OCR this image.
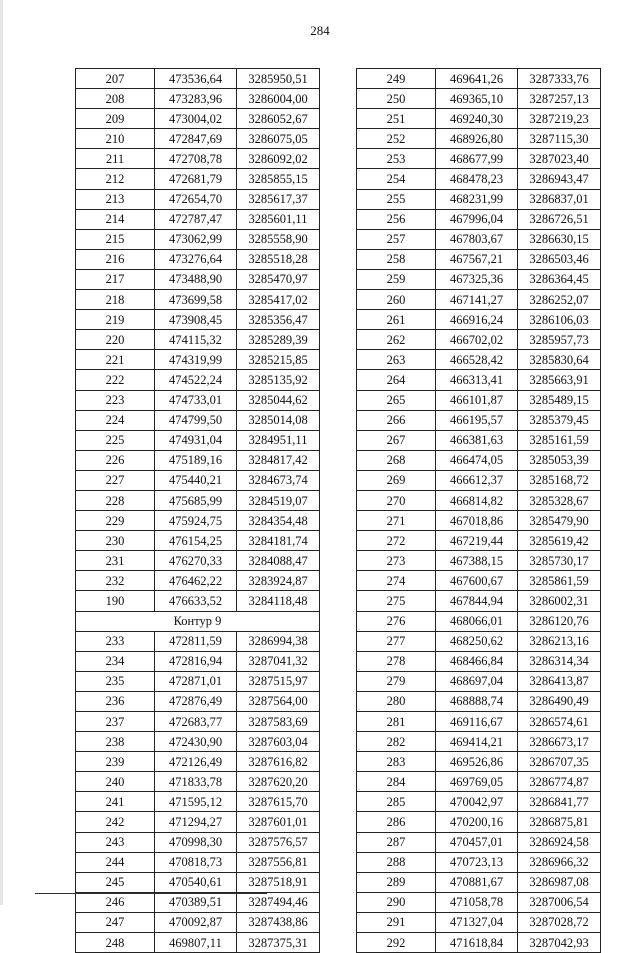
284
207	473536,64	3285950,51
208	473283,96	3286004,00
209	473004,02	3286052,67
210	472847,69	3286075,05
211	472708,78	3286092,02
212	472681,79	3285855,15
213	472654,70	3285617,37
214	472787,47	3285601,11
215	473062,99	3285558,90
216	473276,64	3285518,28
217	473488,90	3285470,97
218	473699,58	3285417,02
219	473908,45	3285356,47
220	474115,32	3285289,39
221	474319,99	3285215,85
222	474522,24	3285135,92
223	474733,01	3285044,62
224	474799,50	3285014,08
225	474931,04	3284951,11
226	475189,16	3284817,42
227	475440,21	3284673,74
228	475685,99	3284519,07
229	475924,75	3284354,48
230	476154,25	3284181,74
231	476270,33	3284088,47
232	476462,22	3283924,87
190	476633,52	3284118,48
Контур 9		
233	472811,59	3286994,38
234	472816,94	3287041,32
235	472871,01	3287515,97
236	472876,49	3287564,00
237	472683,77	3287583,69
238	472430,90	3287603,04
239	472126,49	3287616,82
240	471833,78	3287620,20
241	471595,12	3287615,70
242	471294,27	3287601,01
243	470998,30	3287576,57
244	470818,73	3287556,81
245	470540,61	3287518,91
246	470389,51	3287494,46
247	470092,87	3287438,86
248	469807,11	3287375,31
249	469641,26	3287333,76
250	469365,10	3287257,13
251	469240,30	3287219,23
252	468926,80	3287115,30
253	468677,99	3287023,40
254	468478,23	3286943,47
255	468231,99	3286837,01
256	467996,04	3286726,51
257	467803,67	3286630,15
258	467567,21	3286503,46
259	467325,36	3286364,45
260	467141,27	3286252,07
261	466916,24	3286106,03
262	466702,02	3285957,73
263	466528,42	3285830,64
264	466313,41	3285663,91
265	466101,87	3285489,15
266	466195,57	3285379,45
267	466381,63	3285161,59
268	466474,05	3285053,39
269	466612,37	3285168,72
270	466814,82	3285328,67
271	467018,86	3285479,90
272	467219,44	3285619,42
273	467388,15	3285730,17
274	467600,67	3285861,59
275	467844,94	3286002,31
276	468066,01	3286120,76
277	468250,62	3286213,16
278	468466,84	3286314,34
279	468697,04	3286413,87
280	468888,74	3286490,49
281	469116,67	3286574,61
282	469414,21	3286673,17
283	469526,86	3286707,35
284	469769,05	3286774,87
285	470042,97	3286841,77
286	470200,16	3286875,81
287	470457,01	3286924,58
288	470723,13	3286966,32
289	470881,67	3286987,08
290	471058,78	3287006,54
291	471327,04	3287028,72
292	471618,84	3287042,93
